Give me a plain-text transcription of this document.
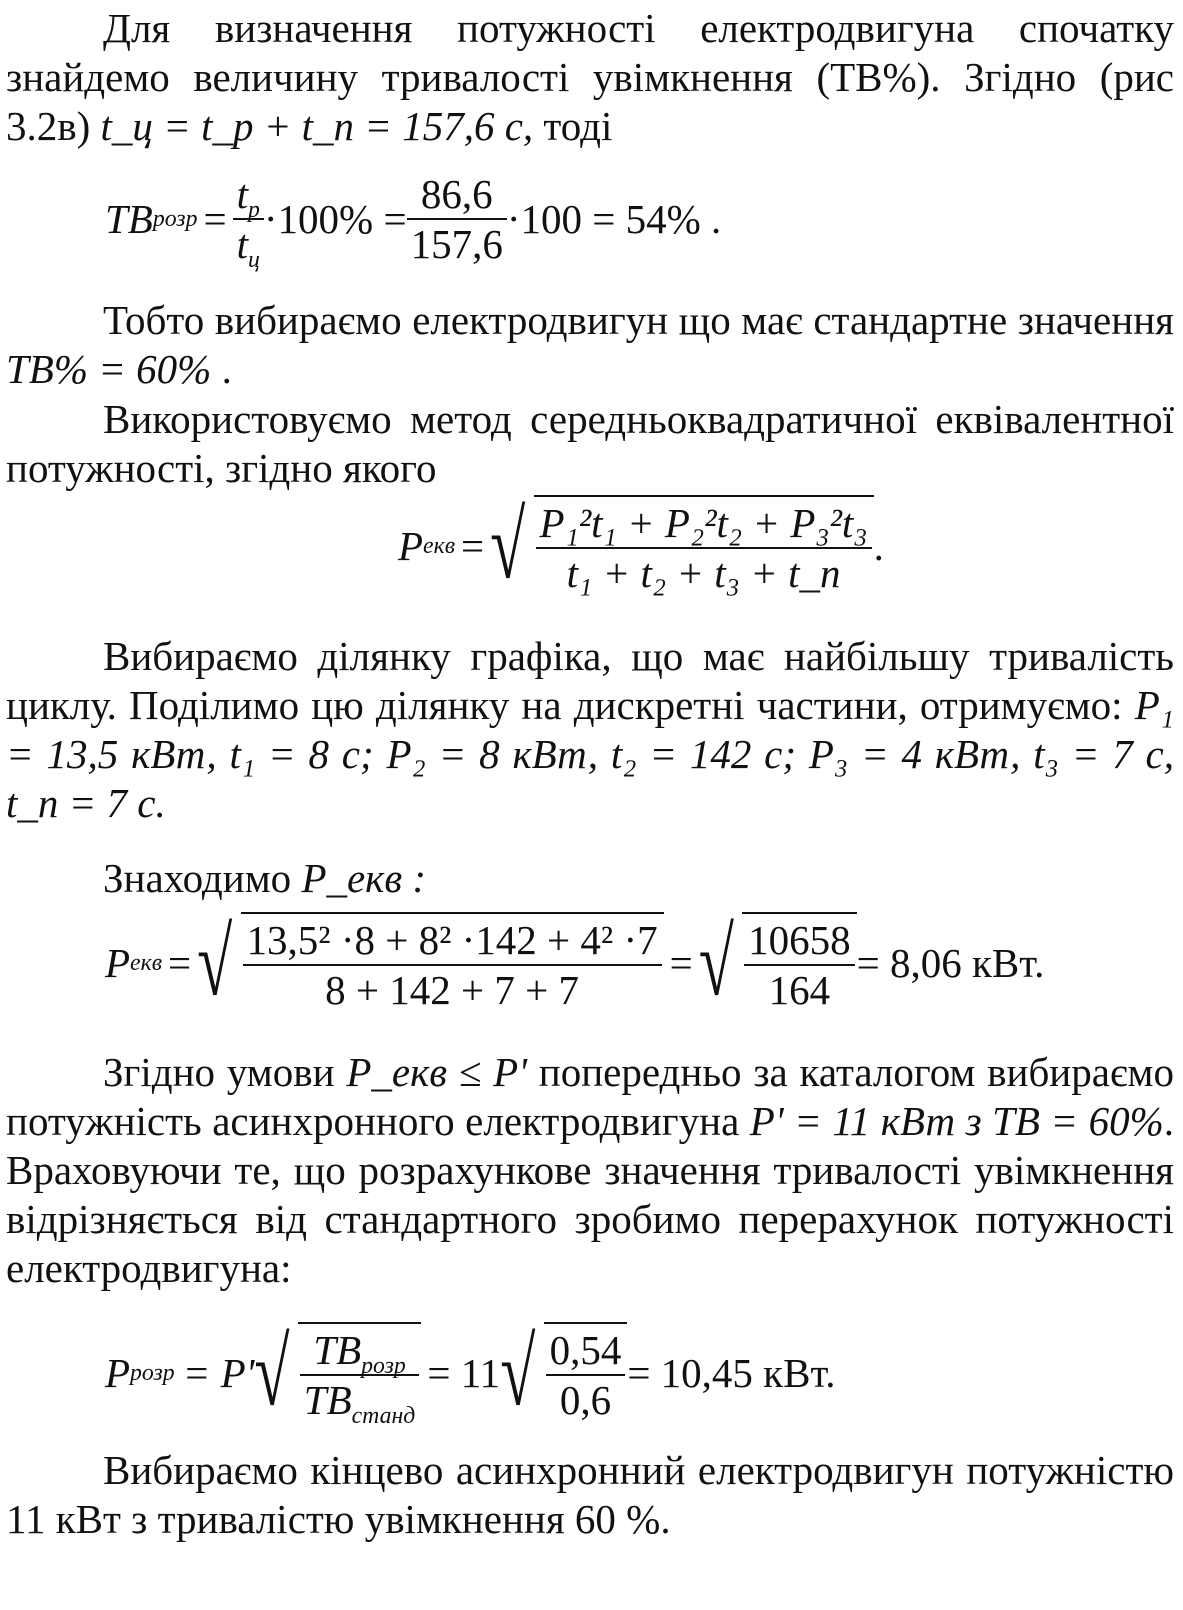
Для визначення потужності електродвигуна спочатку знайдемо величину тривалості увімкнення (ТВ%). Згідно (рис 3.2в) t_ц = t_р + t_п = 157,6 с, тоді

ТВ розр = $\frac{t_р}{t_ц} \cdot 100\% = \frac{86,6}{157,6} \cdot 100 = 54\%$ .

Тобто вибираємо електродвигун що має стандартне значення ТВ% = 60% .

Використовуємо метод середньоквадратичної еквівалентної потужності, згідно якого

P екв = √ $\frac{\text{P₁²t₁ + P₂²t₂ + P₃²t₃}}{\text{t₁ + t₂ + t₃ + t\_п}}$ .

Вибираємо ділянку графіка, що має найбільшу тривалість циклу. Поділимо цю ділянку на дискретні частини, отримуємо: P₁ = 13,5 кВт, t₁ = 8 с; P₂ = 8 кВт, t₂ = 142 с; P₃ = 4 кВт, t₃ = 7 с, t_п = 7 с.

Знаходимо P_екв :

P екв = √ $\frac{\text{13,5² ·8 + 8² ·142 + 4² ·7}}{8 + 142 + 7 + 7}$ = √ $\frac{10658}{164} = 8,06$ кВт.

Згідно умови P_екв ≤ P' попередньо за каталогом вибираємо потужність асинхронного електродвигуна P' = 11 кВт з ТВ = 60%. Враховуючи те, що розрахункове значення тривалості увімкнення відрізняється від стандартного зробимо перерахунок потужності електродвигуна:

P розр = P' √ $\frac{ТВ_{розр}}{ТВ_{станд}} = 11$ √ $\frac{0,54}{0,6} = 10,45$ кВт.

Вибираємо кінцево асинхронний електродвигун потужністю 11 кВт з тривалістю увімкнення 60 %.
